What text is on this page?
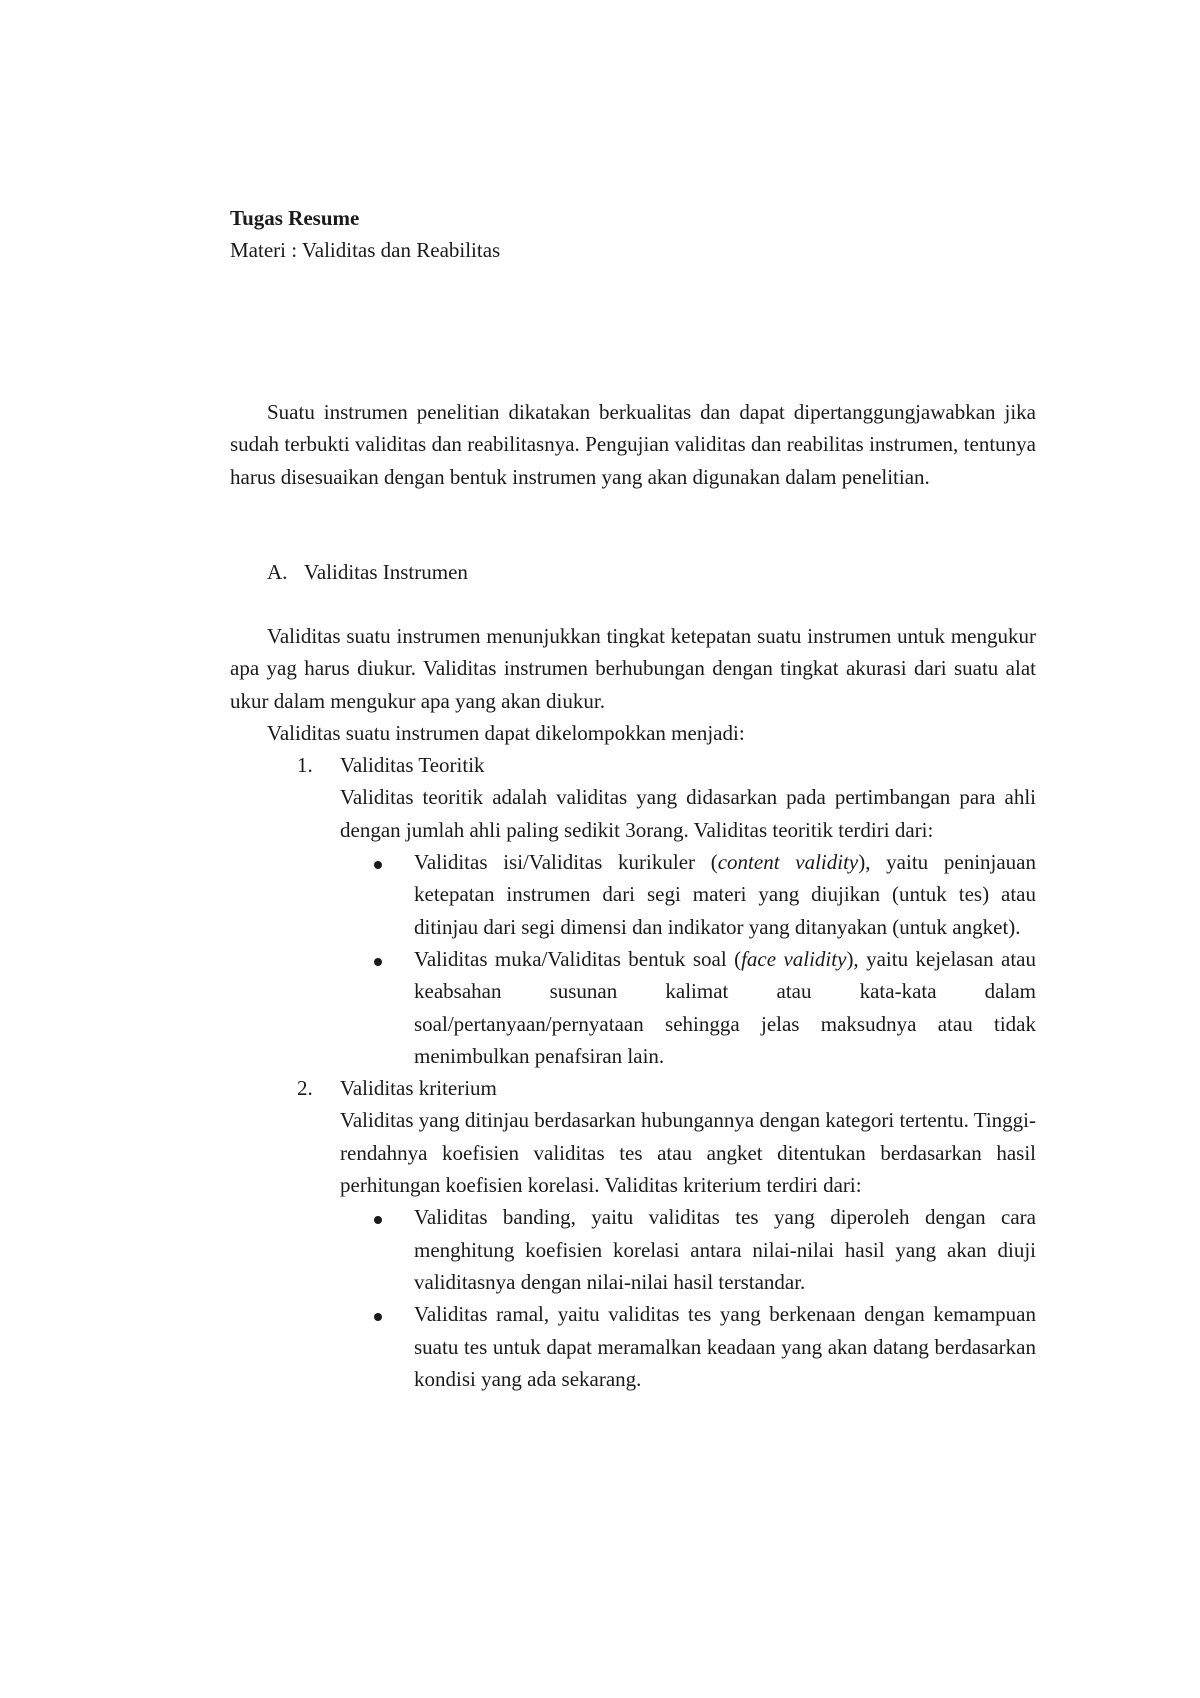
Tugas Resume

Materi : Validitas dan Reabilitas

Suatu instrumen penelitian dikatakan berkualitas dan dapat dipertanggungjawabkan jika sudah terbukti validitas dan reabilitasnya. Pengujian validitas dan reabilitas instrumen, tentunya harus disesuaikan dengan bentuk instrumen yang akan digunakan dalam penelitian.

A. Validitas Instrumen

Validitas suatu instrumen menunjukkan tingkat ketepatan suatu instrumen untuk mengukur apa yag harus diukur. Validitas instrumen berhubungan dengan tingkat akurasi dari suatu alat ukur dalam mengukur apa yang akan diukur.

Validitas suatu instrumen dapat dikelompokkan menjadi:

1. Validitas Teoritik

Validitas teoritik adalah validitas yang didasarkan pada pertimbangan para ahli dengan jumlah ahli paling sedikit 3orang. Validitas teoritik terdiri dari:

Validitas isi/Validitas kurikuler (content validity), yaitu peninjauan ketepatan instrumen dari segi materi yang diujikan (untuk tes) atau ditinjau dari segi dimensi dan indikator yang ditanyakan (untuk angket).

Validitas muka/Validitas bentuk soal (face validity), yaitu kejelasan atau keabsahan susunan kalimat atau kata-kata dalam soal/pertanyaan/pernyataan sehingga jelas maksudnya atau tidak menimbulkan penafsiran lain.

2. Validitas kriterium

Validitas yang ditinjau berdasarkan hubungannya dengan kategori tertentu. Tinggi-rendahnya koefisien validitas tes atau angket ditentukan berdasarkan hasil perhitungan koefisien korelasi. Validitas kriterium terdiri dari:

Validitas banding, yaitu validitas tes yang diperoleh dengan cara menghitung koefisien korelasi antara nilai-nilai hasil yang akan diuji validitasnya dengan nilai-nilai hasil terstandar.

Validitas ramal, yaitu validitas tes yang berkenaan dengan kemampuan suatu tes untuk dapat meramalkan keadaan yang akan datang berdasarkan kondisi yang ada sekarang.
